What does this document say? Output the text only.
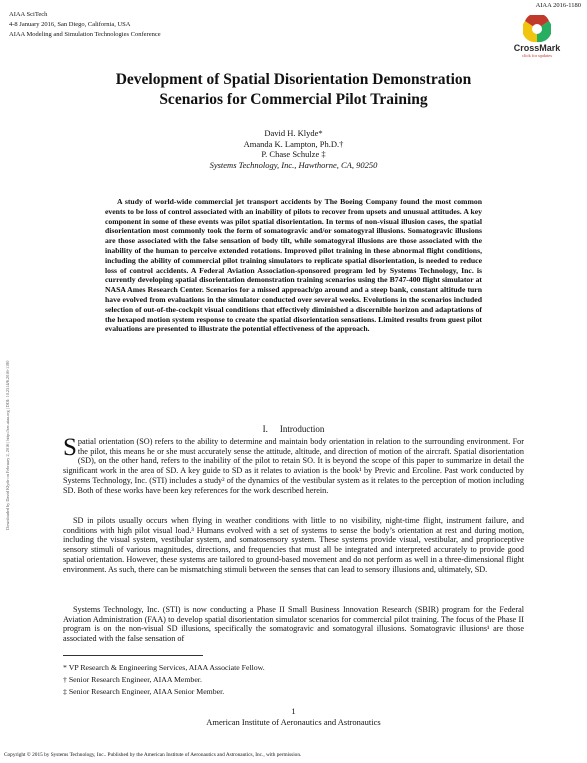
AIAA 2016-1180
AIAA SciTech
4-8 January 2016, San Diego, California, USA
AIAA Modeling and Simulation Technologies Conference
CrossMark
click for updates
Downloaded by David Klyde on February 2, 2016 | http://arc.aiaa.org | DOI: 10.2514/6.2016-1180
Development of Spatial Disorientation Demonstration
Scenarios for Commercial Pilot Training
David H. Klyde*
Amanda K. Lampton, Ph.D.†
P. Chase Schulze ‡
Systems Technology, Inc., Hawthorne, CA, 90250

A study of world-wide commercial jet transport accidents by The Boeing Company found the most common events to be loss of control associated with an inability of pilots to recover from upsets and unusual attitudes. A key component in some of these events was pilot spatial disorientation. In terms of non-visual illusion cases, the spatial disorientation most commonly took the form of somatogravic and/or somatogyral illusions. Somatogravic illusions are those associated with the false sensation of body tilt, while somatogyral illusions are those associated with the inability of the human to perceive extended rotations. Improved pilot training in these abnormal flight conditions, including the ability of commercial pilot training simulators to replicate spatial disorientation, is needed to reduce loss of control accidents. A Federal Aviation Association-sponsored program led by Systems Technology, Inc. is currently developing spatial disorientation demonstration training scenarios using the B747-400 flight simulator at NASA Ames Research Center. Scenarios for a missed approach/go around and a steep bank, constant altitude turn have evolved from evaluations in the simulator conducted over several weeks. Evolutions in the scenarios included selection of out-of-the-cockpit visual conditions that effectively diminished a discernible horizon and adaptations of the hexapod motion system response to create the spatial disorientation sensations. Limited results from guest pilot evaluations are presented to illustrate the potential effectiveness of the approach.

I. Introduction

Spatial orientation (SO) refers to the ability to determine and maintain body orientation in relation to the surrounding environment. For the pilot, this means he or she must accurately sense the attitude, altitude, and direction of motion of the aircraft. Spatial disorientation (SD), on the other hand, refers to the inability of the pilot to retain SO. It is beyond the scope of this paper to summarize in detail the significant work in the area of SD. A key guide to SD as it relates to aviation is the book¹ by Previc and Ercoline. Past work conducted by Systems Technology, Inc. (STI) includes a study² of the dynamics of the vestibular system as it relates to the perception of motion including SD. Both of these works have been key references for the work described herein.

SD in pilots usually occurs when flying in weather conditions with little to no visibility, night-time flight, instrument failure, and conditions with high pilot visual load.³ Humans evolved with a set of systems to sense the body’s orientation at rest and during motion, including the visual system, vestibular system, and somatosensory system. These systems provide visual, vestibular, and proprioceptive sensory stimuli of various magnitudes, directions, and frequencies that must all be integrated and interpreted accurately to provide good spatial orientation. However, these systems are tailored to ground-based movement and do not perform as well in a three-dimensional flight environment. As such, there can be mismatching stimuli between the senses that can lead to sensory illusions and, ultimately, SD.

Systems Technology, Inc. (STI) is now conducting a Phase II Small Business Innovation Research (SBIR) program for the Federal Aviation Administration (FAA) to develop spatial disorientation simulator scenarios for commercial pilot training. The focus of the Phase II program is on the non-visual SD illusions, specifically the somatogravic and somatogyral illusions. Somatogravic illusions¹ are those associated with the false sensation of

* VP Research & Engineering Services, AIAA Associate Fellow.
† Senior Research Engineer, AIAA Member.
‡ Senior Research Engineer, AIAA Senior Member.
1
American Institute of Aeronautics and Astronautics
Copyright © 2015 by Systems Technology, Inc.. Published by the American Institute of Aeronautics and Astronautics, Inc., with permission.
